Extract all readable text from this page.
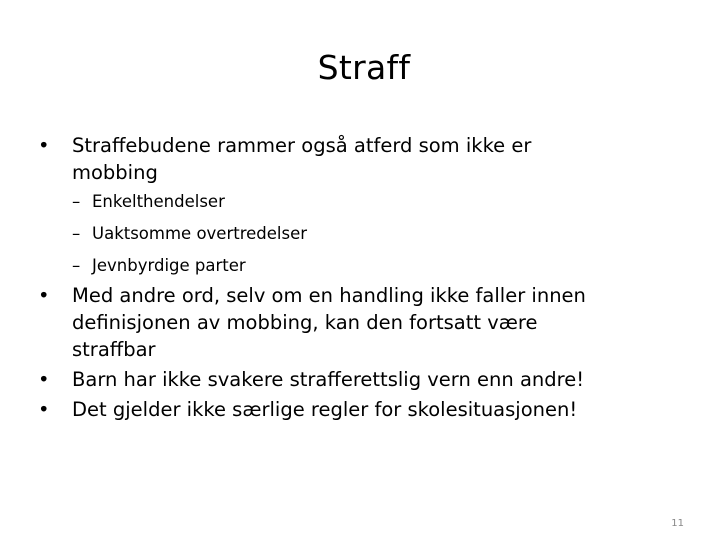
Straff
•	Straffebudene rammer også atferd som ikke er
mobbing
– Enkelthendelser
– Uaktsomme overtredelser
– Jevnbyrdige parter
•	Med andre ord, selv om en handling ikke faller innen
definisjonen av mobbing, kan den fortsatt være
straffbar
•	Barn har ikke svakere strafferettslig vern enn andre!
•	Det gjelder ikke særlige regler for skolesituasjonen!
11
